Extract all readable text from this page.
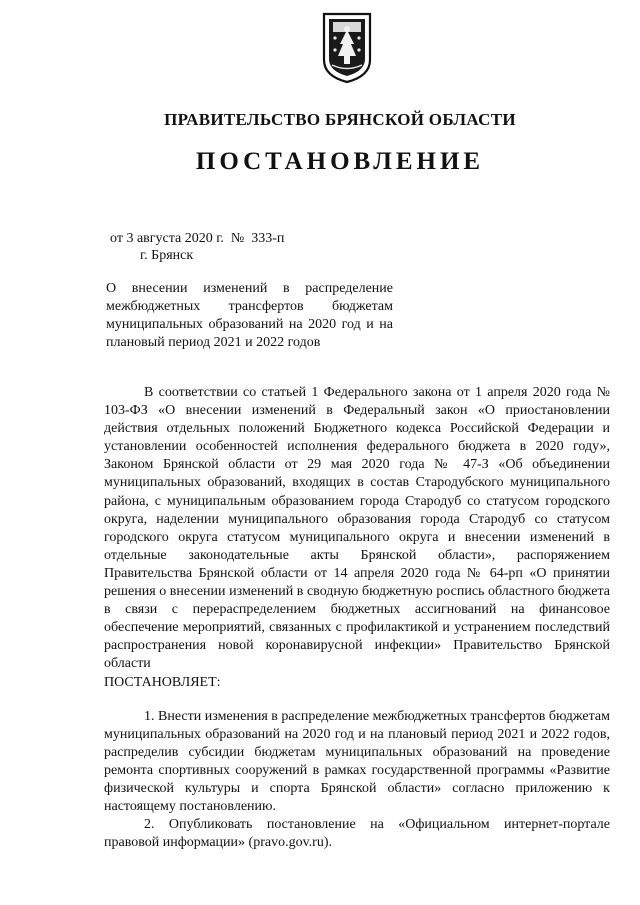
ПРАВИТЕЛЬСТВО БРЯНСКОЙ ОБЛАСТИ
ПОСТАНОВЛЕНИЕ
от 3 августа 2020 г. № 333-п
г. Брянск

О внесении изменений в распределение межбюджетных трансфертов бюджетам муниципальных образований на 2020 год и на плановый период 2021 и 2022 годов

В соответствии со статьей 1 Федерального закона от 1 апреля 2020 года № 103-ФЗ «О внесении изменений в Федеральный закон «О приостановлении действия отдельных положений Бюджетного кодекса Российской Федерации и установлении особенностей исполнения федерального бюджета в 2020 году», Законом Брянской области от 29 мая 2020 года № 47-З «Об объединении муниципальных образований, входящих в состав Стародубского муниципального района, с муниципальным образованием города Стародуб со статусом городского округа, наделении муниципального образования города Стародуб со статусом городского округа статусом муниципального округа и внесении изменений в отдельные законодательные акты Брянской области», распоряжением Правительства Брянской области от 14 апреля 2020 года № 64-рп «О принятии решения о внесении изменений в сводную бюджетную роспись областного бюджета в связи с перераспределением бюджетных ассигнований на финансовое обеспечение мероприятий, связанных с профилактикой и устранением последствий распространения новой коронавирусной инфекции» Правительство Брянской области

ПОСТАНОВЛЯЕТ:

1. Внести изменения в распределение межбюджетных трансфертов бюджетам муниципальных образований на 2020 год и на плановый период 2021 и 2022 годов, распределив субсидии бюджетам муниципальных образований на проведение ремонта спортивных сооружений в рамках государственной программы «Развитие физической культуры и спорта Брянской области» согласно приложению к настоящему постановлению.

2. Опубликовать постановление на «Официальном интернет-портале правовой информации» (pravo.gov.ru).
